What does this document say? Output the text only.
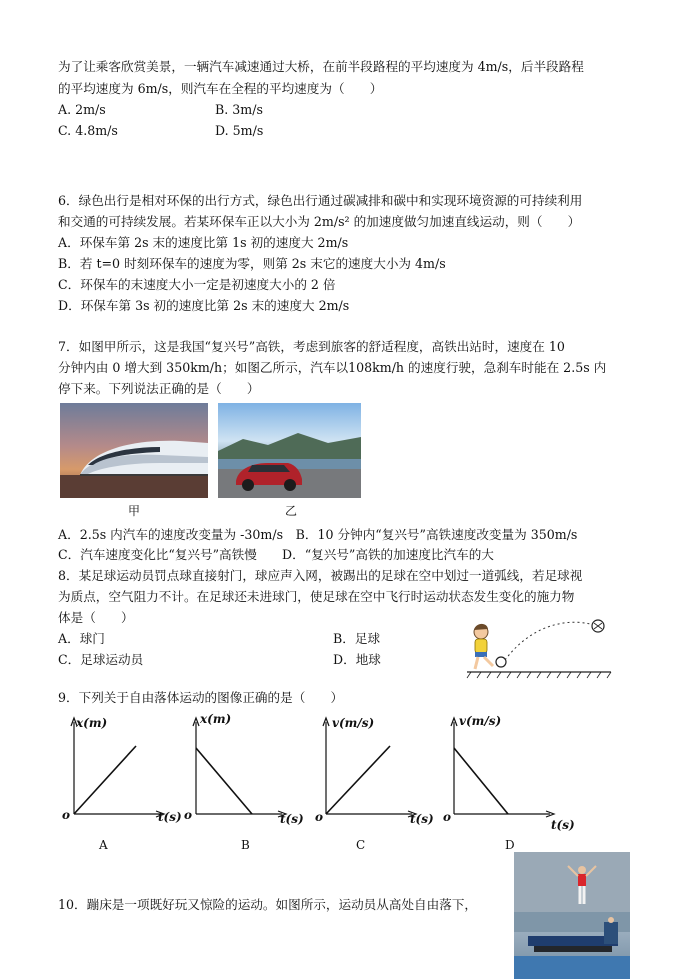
为了让乘客欣赏美景，一辆汽车减速通过大桥，在前半段路程的平均速度为 4m/s，后半段路程
的平均速度为 6m/s，则汽车在全程的平均速度为（　　）
A. 2m/s	B. 3m/s
C. 4.8m/s	D. 5m/s
6．绿色出行是相对环保的出行方式，绿色出行通过碳减排和碳中和实现环境资源的可持续利用
和交通的可持续发展。若某环保车正以大小为 2m/s² 的加速度做匀加速直线运动，则（　　）
A．环保车第 2s 末的速度比第 1s 初的速度大 2m/s
B．若 t=0 时刻环保车的速度为零，则第 2s 末它的速度大小为 4m/s
C．环保车的末速度大小一定是初速度大小的 2 倍
D．环保车第 3s 初的速度比第 2s 末的速度大 2m/s
7．如图甲所示，这是我国“复兴号”高铁，考虑到旅客的舒适程度，高铁出站时，速度在 10
分钟内由 0 增大到 350km/h；如图乙所示，汽车以108km/h 的速度行驶，急刹车时能在 2.5s 内
停下来。下列说法正确的是（　　）
甲	乙
A．2.5s 内汽车的速度改变量为 -30m/s　B．10 分钟内“复兴号”高铁速度改变量为 350m/s
C．汽车速度变化比“复兴号”高铁慢　　D．“复兴号”高铁的加速度比汽车的大
8．某足球运动员罚点球直接射门，球应声入网，被踢出的足球在空中划过一道弧线，若足球视
为质点，空气阻力不计。在足球还未进球门，使足球在空中飞行时运动状态发生变化的施力物
体是（　　）
A．球门	B．足球
C．足球运动员	D．地球
9．下列关于自由落体运动的图像正确的是（　　）
x(m)
o	t(s)
A
x(m)
o	t(s)
B
v(m/s)
o	t(s)
C
v(m/s)
o
t(s)
D
10．蹦床是一项既好玩又惊险的运动。如图所示，运动员从高处自由落下，
